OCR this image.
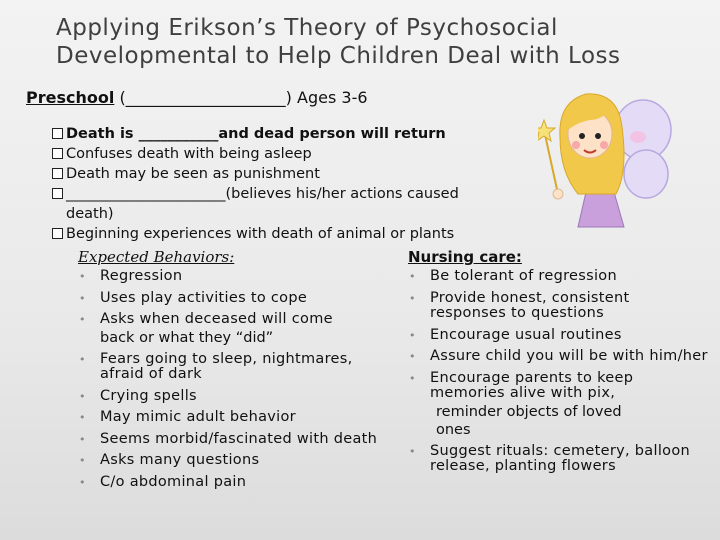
Applying Erikson’s Theory of Psychosocial Developmental to Help Children Deal with Loss
Preschool (____________________) Ages 3-6
Death is ___________and dead person will return
Confuses death with being asleep
Death may be seen as punishment
______________________(believes his/her actions caused
death)
Beginning experiences with death of animal or plants
Expected Behaviors:
• Regression
• Uses play activities to cope
• Asks when deceased will come
back or what they “did”
• Fears going to sleep, nightmares, afraid of dark
• Crying spells
• May mimic adult behavior
• Seems morbid/fascinated with death
• Asks many questions
• C/o abdominal pain
Nursing care:
• Be tolerant of regression
• Provide honest, consistent responses to questions
• Encourage usual routines
• Assure child you will be with him/her
• Encourage parents to keep memories alive with pix,
reminder objects of loved
ones
• Suggest rituals: cemetery, balloon release, planting flowers
